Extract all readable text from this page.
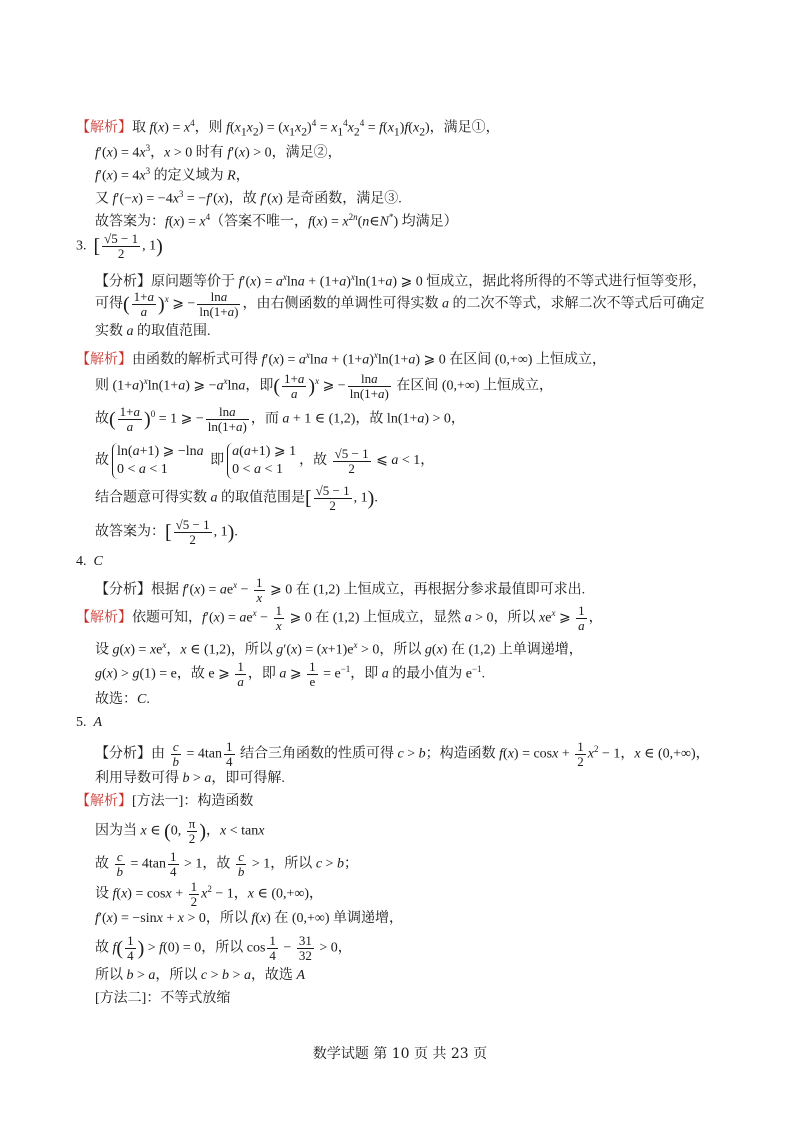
【解析】取 $f(x) = x^4$，则 $f(x_1x_2) = (x_1x_2)^4 = x_1^4x_2^4 = f(x_1)f(x_2)$，满足①，
$f'(x) = 4x^3$，x > 0 时有 f′(x) > 0，满足②，
$f'(x) = 4x^3$ 的定义域为 R，
又 $f'(-x) = -4x^3 = -f'(x)$，故 f′(x) 是奇函数，满足③.
故答案为：$f(x) = x^4$（答案不唯一，$f(x) = x^{2n}(n\in N^*)$ 均满足）
3.  [ $\frac{√5 - 1}{2}$ , 1)
【分析】原问题等价于 $f'(x) = a^x\ln a + (1+a)^x\ln(1+a)$ ⩾ 0 恒成立，据此将所得的不等式进行恒等变形，
可得( $\frac{1+a}{a} )^x$ ⩾ − $\frac{\ln a}{\ln(1+a)}$ ，由右侧函数的单调性可得实数 a 的二次不等式，求解二次不等式后可确定
实数 a 的取值范围.
【解析】由函数的解析式可得 $f'(x) = a^x\ln a + (1+a)^x\ln(1+a)$ ⩾ 0 在区间 (0,+∞) 上恒成立，
则 $(1+a)^x\ln(1+a)$ ⩾ $-a^x\ln a$，即( $\frac{1+a}{a} )^x$ ⩾ − $\frac{\ln a}{\ln(1+a)}$ 在区间 (0,+∞) 上恒成立，
故( $\frac{1+a}{a} )^0 = 1$ ⩾ − $\frac{\ln a}{\ln(1+a)}$ ，而 a + 1 ∈ (1,2)，故 ln(1+a) > 0，
故ln(a+1) ⩾ −lna
0 < a < 1 即a(a+1) ⩾ 1
0 < a < 1，故 $\frac{√5 - 1}{2}$ ⩽ a < 1，
结合题意可得实数 a 的取值范围是[ $\frac{√5 - 1}{2}$ , 1).
故答案为：[ $\frac{√5 - 1}{2}$ , 1).
4.  C
【分析】根据 $f'(x) = ae^x - \frac{1}{x}$ ⩾ 0 在 (1,2) 上恒成立，再根据分参求最值即可求出.
【解析】依题可知，$f'(x) = ae^x - \frac{1}{x}$ ⩾ 0 在 (1,2) 上恒成立，显然 a > 0，所以 $xe^x$ ⩾ $\frac{1}{a}$ ，
设 $g(x) = xe^x$，x ∈ (1,2)，所以 $g'(x) = (x+1)e^x > 0$，所以 g(x) 在 (1,2) 上单调递增，
g(x) > g(1) = e，故 e ⩾ $\frac{1}{a}$ ，即 a ⩾ $\frac{1}{e} = e^{-1}$，即 a 的最小值为 $e^{-1}$.
故选：C.
5.  A
【分析】由 $\frac{c}{b} = 4\tan \frac{1}{4}$ 结合三角函数的性质可得 c > b；构造函数 $f(x) = \cos x + \frac{1}{2} x^2 - 1$，x ∈ (0,+∞)，
利用导数可得 b > a，即可得解.
【解析】[方法一]：构造函数
因为当 x ∈ (0, $\frac{\pi}{2}$ )，x < tanx
故 $\frac{c}{b} = 4\tan \frac{1}{4} > 1$，故 $\frac{c}{b} > 1$，所以 c > b；
设 $f(x) = \cos x + \frac{1}{2} x^2 - 1$，x ∈ (0,+∞)，
f′(x) = −sinx + x > 0，所以 f(x) 在 (0,+∞) 单调递增，
故 $f( \frac{1}{4}$ ) > f(0) = 0，所以 $\cos \frac{1}{4} - \frac{31}{32} > 0$，
所以 b > a，所以 c > b > a，故选 A
[方法二]：不等式放缩
数学试题 第 10 页 共 23 页
